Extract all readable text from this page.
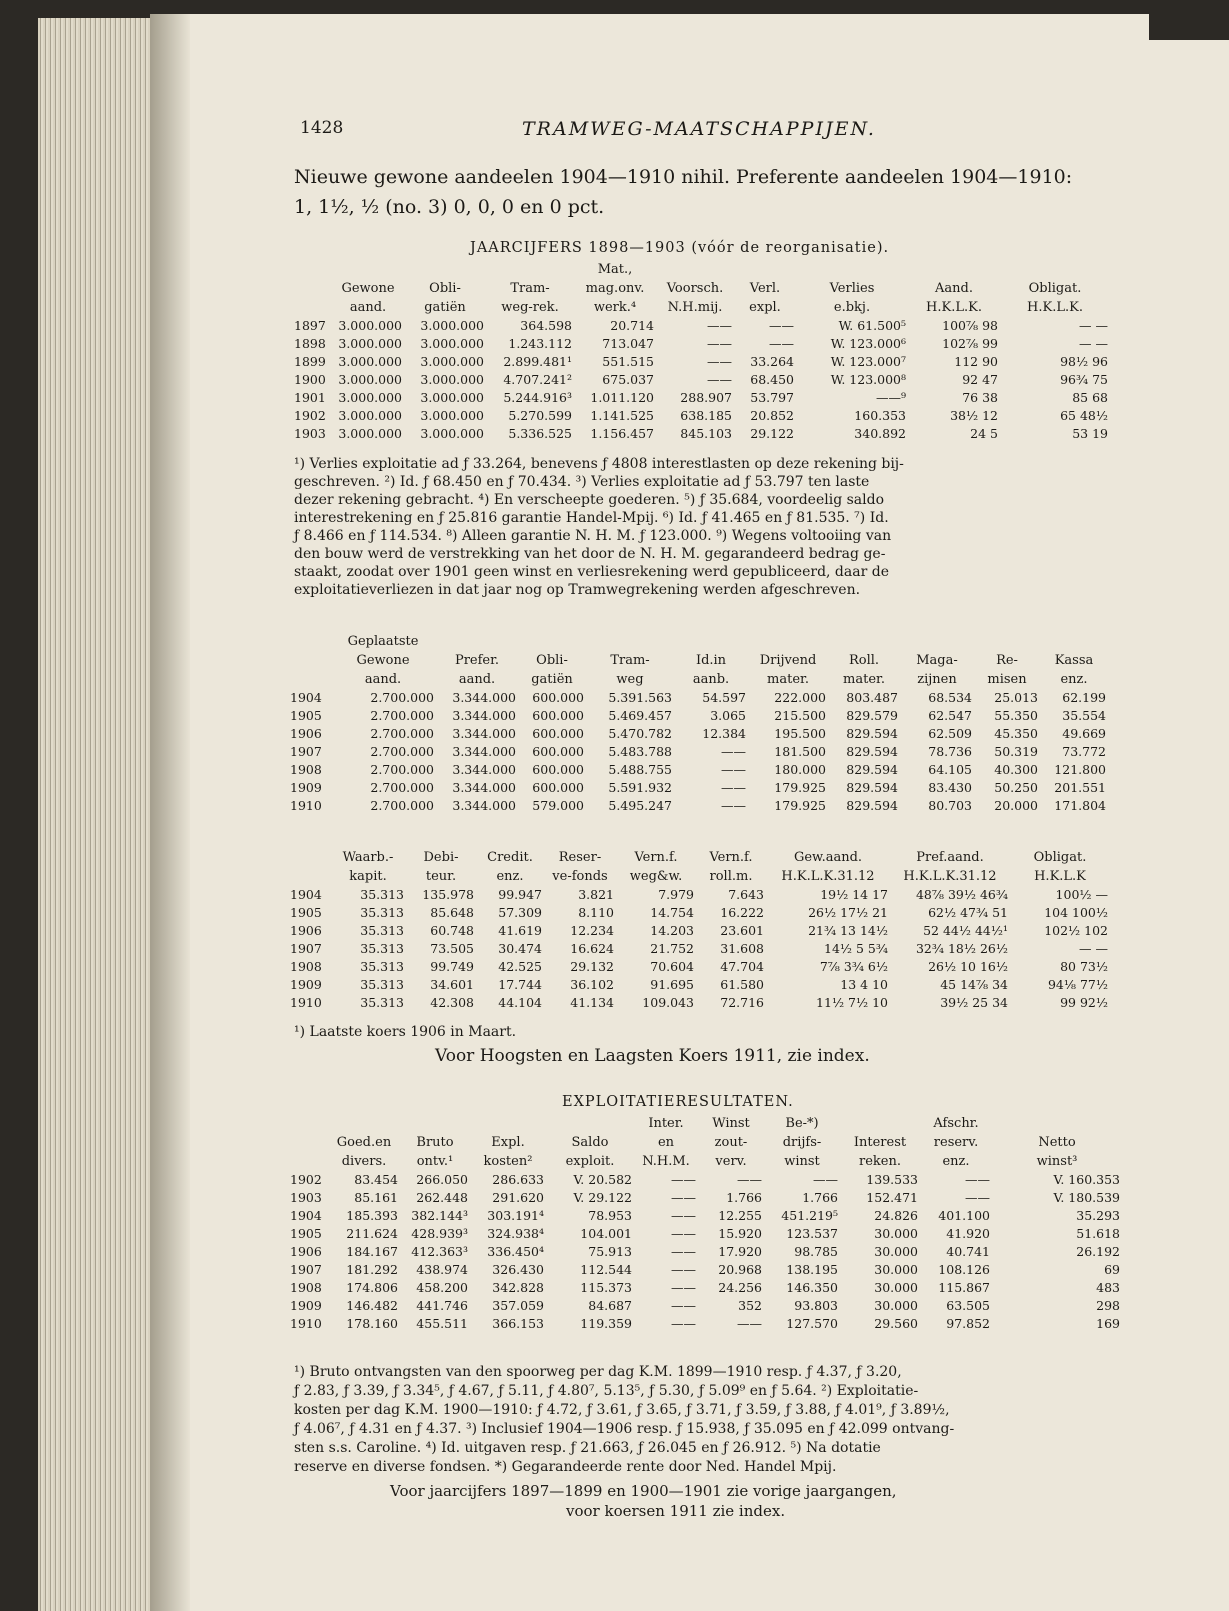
1428	TRAMWEG-MAATSCHAPPIJEN.
Nieuwe gewone aandeelen 1904—1910 nihil. Preferente aandeelen 1904—1910:
1, 1½, ½ (no. 3) 0, 0, 0 en 0 pct.
JAARCIJFERS 1898—1903 (vóór de reorganisatie).
				Mat.,					
	Gewone	Obli-	Tram-	mag.onv.	Voorsch.	Verl.	Verlies	Aand.	Obligat.
	aand.	gatiën	weg-rek.	werk.⁴	N.H.mij.	expl.	e.bkj.	H.K.L.K.	H.K.L.K.
1897	3.000.000	3.000.000	364.598	20.714	——	——	W. 61.500⁵	100⅞ 98	— —
1898	3.000.000	3.000.000	1.243.112	713.047	——	——	W. 123.000⁶	102⅞ 99	— —
1899	3.000.000	3.000.000	2.899.481¹	551.515	——	33.264	W. 123.000⁷	112 90	98½ 96
1900	3.000.000	3.000.000	4.707.241²	675.037	——	68.450	W. 123.000⁸	92 47	96¾ 75
1901	3.000.000	3.000.000	5.244.916³	1.011.120	288.907	53.797	——⁹	76 38	85 68
1902	3.000.000	3.000.000	5.270.599	1.141.525	638.185	20.852	160.353	38½ 12	65 48½
1903	3.000.000	3.000.000	5.336.525	1.156.457	845.103	29.122	340.892	24 5	53 19
¹) Verlies exploitatie ad ƒ 33.264, benevens ƒ 4808 interestlasten op deze rekening bij-
geschreven. ²) Id. ƒ 68.450 en ƒ 70.434. ³) Verlies exploitatie ad ƒ 53.797 ten laste
dezer rekening gebracht. ⁴) En verscheepte goederen. ⁵) ƒ 35.684, voordeelig saldo
interestrekening en ƒ 25.816 garantie Handel-Mpij. ⁶) Id. ƒ 41.465 en ƒ 81.535. ⁷) Id.
ƒ 8.466 en ƒ 114.534. ⁸) Alleen garantie N. H. M. ƒ 123.000. ⁹) Wegens voltooiing van
den bouw werd de verstrekking van het door de N. H. M. gegarandeerd bedrag ge-
staakt, zoodat over 1901 geen winst en verliesrekening werd gepubliceerd, daar de
exploitatieverliezen in dat jaar nog op Tramwegrekening werden afgeschreven.
	Geplaatste									
	Gewone	Prefer.	Obli-	Tram-	Id.in	Drijvend	Roll.	Maga-	Re-	Kassa
	aand.	aand.	gatiën	weg	aanb.	mater.	mater.	zijnen	misen	enz.
1904	2.700.000	3.344.000	600.000	5.391.563	54.597	222.000	803.487	68.534	25.013	62.199
1905	2.700.000	3.344.000	600.000	5.469.457	3.065	215.500	829.579	62.547	55.350	35.554
1906	2.700.000	3.344.000	600.000	5.470.782	12.384	195.500	829.594	62.509	45.350	49.669
1907	2.700.000	3.344.000	600.000	5.483.788	——	181.500	829.594	78.736	50.319	73.772
1908	2.700.000	3.344.000	600.000	5.488.755	——	180.000	829.594	64.105	40.300	121.800
1909	2.700.000	3.344.000	600.000	5.591.932	——	179.925	829.594	83.430	50.250	201.551
1910	2.700.000	3.344.000	579.000	5.495.247	——	179.925	829.594	80.703	20.000	171.804
	Waarb.-	Debi-	Credit.	Reser-	Vern.f.	Vern.f.	Gew.aand.	Pref.aand.	Obligat.
	kapit.	teur.	enz.	ve-fonds	weg&w.	roll.m.	H.K.L.K.31.12	H.K.L.K.31.12	H.K.L.K
1904	35.313	135.978	99.947	3.821	7.979	7.643	19½ 14 17	48⅞ 39½ 46¾	100½ —
1905	35.313	85.648	57.309	8.110	14.754	16.222	26½ 17½ 21	62½ 47¾ 51	104 100½
1906	35.313	60.748	41.619	12.234	14.203	23.601	21¾ 13 14½	52 44½ 44½¹	102½ 102
1907	35.313	73.505	30.474	16.624	21.752	31.608	14½ 5 5¾	32¾ 18½ 26½	— —
1908	35.313	99.749	42.525	29.132	70.604	47.704	7⅞ 3¾ 6½	26½ 10 16½	80 73½
1909	35.313	34.601	17.744	36.102	91.695	61.580	13 4 10	45 14⅞ 34	94⅛ 77½
1910	35.313	42.308	44.104	41.134	109.043	72.716	11½ 7½ 10	39½ 25 34	99 92½
¹) Laatste koers 1906 in Maart.
Voor Hoogsten en Laagsten Koers 1911, zie index.
EXPLOITATIERESULTATEN.
					Inter.	Winst	Be-*)		Afschr.	
	Goed.en	Bruto	Expl.	Saldo	en	zout-	drijfs-	Interest	reserv.	Netto
	divers.	ontv.¹	kosten²	exploit.	N.H.M.	verv.	winst	reken.	enz.	winst³
1902	83.454	266.050	286.633	V. 20.582	——	——	——	139.533	——	V. 160.353
1903	85.161	262.448	291.620	V. 29.122	——	1.766	1.766	152.471	——	V. 180.539
1904	185.393	382.144³	303.191⁴	78.953	——	12.255	451.219⁵	24.826	401.100	35.293
1905	211.624	428.939³	324.938⁴	104.001	——	15.920	123.537	30.000	41.920	51.618
1906	184.167	412.363³	336.450⁴	75.913	——	17.920	98.785	30.000	40.741	26.192
1907	181.292	438.974	326.430	112.544	——	20.968	138.195	30.000	108.126	69
1908	174.806	458.200	342.828	115.373	——	24.256	146.350	30.000	115.867	483
1909	146.482	441.746	357.059	84.687	——	352	93.803	30.000	63.505	298
1910	178.160	455.511	366.153	119.359	——	——	127.570	29.560	97.852	169
¹) Bruto ontvangsten van den spoorweg per dag K.M. 1899—1910 resp. ƒ 4.37, ƒ 3.20,
ƒ 2.83, ƒ 3.39, ƒ 3.34⁵, ƒ 4.67, ƒ 5.11, ƒ 4.80⁷, 5.13⁵, ƒ 5.30, ƒ 5.09⁹ en ƒ 5.64. ²) Exploitatie-
kosten per dag K.M. 1900—1910: ƒ 4.72, ƒ 3.61, ƒ 3.65, ƒ 3.71, ƒ 3.59, ƒ 3.88, ƒ 4.01⁹, ƒ 3.89½,
ƒ 4.06⁷, ƒ 4.31 en ƒ 4.37. ³) Inclusief 1904—1906 resp. ƒ 15.938, ƒ 35.095 en ƒ 42.099 ontvang-
sten s.s. Caroline. ⁴) Id. uitgaven resp. ƒ 21.663, ƒ 26.045 en ƒ 26.912. ⁵) Na dotatie
reserve en diverse fondsen. *) Gegarandeerde rente door Ned. Handel Mpij.
Voor jaarcijfers 1897—1899 en 1900—1901 zie vorige jaargangen,
voor koersen 1911 zie index.
